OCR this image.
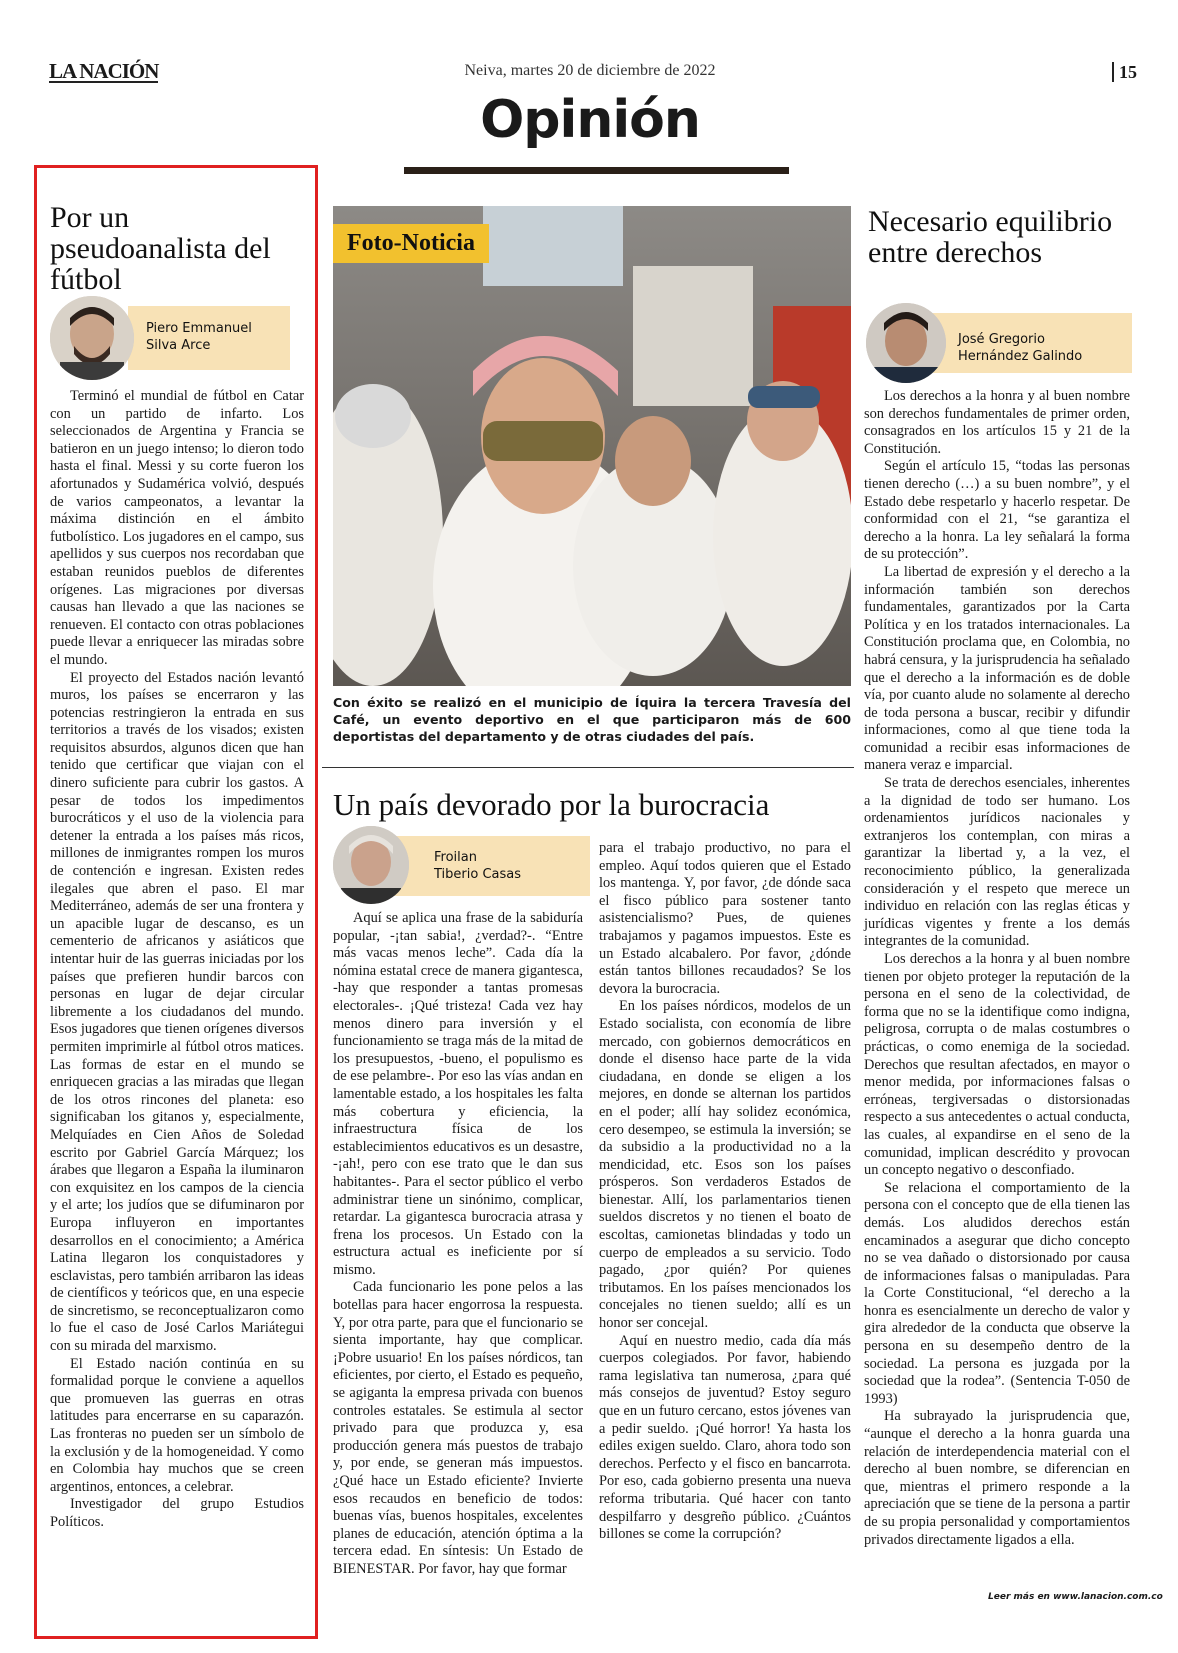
LA NACIÓN	Neiva, martes 20 de diciembre de 2022	15
Opinión
Por un pseudoanalista del fútbol
Piero Emmanuel
Silva Arce

Terminó el mundial de fútbol en Catar con un partido de infarto. Los seleccionados de Argentina y Francia se batieron en un juego intenso; lo dieron todo hasta el final. Messi y su corte fueron los afortunados y Sudamérica volvió, después de varios campeonatos, a levantar la máxima distinción en el ámbito futbolístico. Los jugadores en el campo, sus apellidos y sus cuerpos nos recordaban que estaban reunidos pueblos de diferentes orígenes. Las migraciones por diversas causas han llevado a que las naciones se renueven. El contacto con otras poblaciones puede llevar a enriquecer las miradas sobre el mundo.

El proyecto del Estados nación levantó muros, los países se encerraron y las potencias restringieron la entrada en sus territorios a través de los visados; existen requisitos absurdos, algunos dicen que han tenido que certificar que viajan con el dinero suficiente para cubrir los gastos. A pesar de todos los impedimentos burocráticos y el uso de la violencia para detener la entrada a los países más ricos, millones de inmigrantes rompen los muros de contención e ingresan. Existen redes ilegales que abren el paso. El mar Mediterráneo, además de ser una frontera y un apacible lugar de descanso, es un cementerio de africanos y asiáticos que intentar huir de las guerras iniciadas por los países que prefieren hundir barcos con personas en lugar de dejar circular libremente a los ciudadanos del mundo. Esos jugadores que tienen orígenes diversos permiten imprimirle al fútbol otros matices. Las formas de estar en el mundo se enriquecen gracias a las miradas que llegan de los otros rincones del planeta: eso significaban los gitanos y, especialmente, Melquíades en Cien Años de Soledad escrito por Gabriel García Márquez; los árabes que llegaron a España la iluminaron con exquisitez en los campos de la ciencia y el arte; los judíos que se difuminaron por Europa influyeron en importantes desarrollos en el conocimiento; a América Latina llegaron los conquistadores y esclavistas, pero también arribaron las ideas de científicos y teóricos que, en una especie de sincretismo, se reconceptualizaron como lo fue el caso de José Carlos Mariátegui con su mirada del marxismo.

El Estado nación continúa en su formalidad porque le conviene a aquellos que promueven las guerras en otras latitudes para encerrarse en su caparazón. Las fronteras no pueden ser un símbolo de la exclusión y de la homogeneidad. Y como en Colombia hay muchos que se creen argentinos, entonces, a celebrar.

Investigador del grupo Estudios Políticos.

Foto-Noticia
Con éxito se realizó en el municipio de Íquira la tercera Travesía del Café, un evento deportivo en el que participaron más de 600 deportistas del departamento y de otras ciudades del país.
Un país devorado por la burocracia
Froilan
Tiberio Casas

Aquí se aplica una frase de la sabiduría popular, -¡tan sabia!, ¿verdad?-. “Entre más vacas menos leche”. Cada día la nómina estatal crece de manera gigantesca, -hay que responder a tantas promesas electorales-. ¡Qué tristeza! Cada vez hay menos dinero para inversión y el funcionamiento se traga más de la mitad de los presupuestos, -bueno, el populismo es de ese pelambre-. Por eso las vías andan en lamentable estado, a los hospitales les falta más cobertura y eficiencia, la infraestructura física de los establecimientos educativos es un desastre, -¡ah!, pero con ese trato que le dan sus habitantes-. Para el sector público el verbo administrar tiene un sinónimo, complicar, retardar. La gigantesca burocracia atrasa y frena los procesos. Un Estado con la estructura actual es ineficiente por sí mismo.

Cada funcionario les pone pelos a las botellas para hacer engorrosa la respuesta. Y, por otra parte, para que el funcionario se sienta importante, hay que complicar. ¡Pobre usuario! En los países nórdicos, tan eficientes, por cierto, el Estado es pequeño, se agiganta la empresa privada con buenos controles estatales. Se estimula al sector privado para que produzca y, esa producción genera más puestos de trabajo y, por ende, se generan más impuestos. ¿Qué hace un Estado eficiente? Invierte esos recaudos en beneficio de todos: buenas vías, buenos hospitales, excelentes planes de educación, atención óptima a la tercera edad. En síntesis: Un Estado de BIENESTAR. Por favor, hay que formar

para el trabajo productivo, no para el empleo. Aquí todos quieren que el Estado los mantenga. Y, por favor, ¿de dónde saca el fisco público para sostener tanto asistencialismo? Pues, de quienes trabajamos y pagamos impuestos. Este es un Estado alcabalero. Por favor, ¿dónde están tantos billones recaudados? Se los devora la burocracia.

En los países nórdicos, modelos de un Estado socialista, con economía de libre mercado, con gobiernos democráticos en donde el disenso hace parte de la vida ciudadana, en donde se eligen a los mejores, en donde se alternan los partidos en el poder; allí hay solidez económica, cero desempeo, se estimula la inversión; se da subsidio a la productividad no a la mendicidad, etc. Esos son los países prósperos. Son verdaderos Estados de bienestar. Allí, los parlamentarios tienen sueldos discretos y no tienen el boato de escoltas, camionetas blindadas y todo un cuerpo de empleados a su servicio. Todo pagado, ¿por quién? Por quienes tributamos. En los países mencionados los concejales no tienen sueldo; allí es un honor ser concejal.

Aquí en nuestro medio, cada día más cuerpos colegiados. Por favor, habiendo rama legislativa tan numerosa, ¿para qué más consejos de juventud? Estoy seguro que en un futuro cercano, estos jóvenes van a pedir sueldo. ¡Qué horror! Ya hasta los ediles exigen sueldo. Claro, ahora todo son derechos. Perfecto y el fisco en bancarrota. Por eso, cada gobierno presenta una nueva reforma tributaria. Qué hacer con tanto despilfarro y desgreño público. ¿Cuántos billones se come la corrupción?

Necesario equilibrio entre derechos
José Gregorio
Hernández Galindo

Los derechos a la honra y al buen nombre son derechos fundamentales de primer orden, consagrados en los artículos 15 y 21 de la Constitución.

Según el artículo 15, “todas las personas tienen derecho (…) a su buen nombre”, y el Estado debe respetarlo y hacerlo respetar. De conformidad con el 21, “se garantiza el derecho a la honra. La ley señalará la forma de su protección”.

La libertad de expresión y el derecho a la información también son derechos fundamentales, garantizados por la Carta Política y en los tratados internacionales. La Constitución proclama que, en Colombia, no habrá censura, y la jurisprudencia ha señalado que el derecho a la información es de doble vía, por cuanto alude no solamente al derecho de toda persona a buscar, recibir y difundir informaciones, como al que tiene toda la comunidad a recibir esas informaciones de manera veraz e imparcial.

Se trata de derechos esenciales, inherentes a la dignidad de todo ser humano. Los ordenamientos jurídicos nacionales y extranjeros los contemplan, con miras a garantizar la libertad y, a la vez, el reconocimiento público, la generalizada consideración y el respeto que merece un individuo en relación con las reglas éticas y jurídicas vigentes y frente a los demás integrantes de la comunidad.

Los derechos a la honra y al buen nombre tienen por objeto proteger la reputación de la persona en el seno de la colectividad, de forma que no se la identifique como indigna, peligrosa, corrupta o de malas costumbres o prácticas, o como enemiga de la sociedad. Derechos que resultan afectados, en mayor o menor medida, por informaciones falsas o erróneas, tergiversadas o distorsionadas respecto a sus antecedentes o actual conducta, las cuales, al expandirse en el seno de la comunidad, implican descrédito y provocan un concepto negativo o desconfiado.

Se relaciona el comportamiento de la persona con el concepto que de ella tienen las demás. Los aludidos derechos están encaminados a asegurar que dicho concepto no se vea dañado o distorsionado por causa de informaciones falsas o manipuladas. Para la Corte Constitucional, “el derecho a la honra es esencialmente un derecho de valor y gira alrededor de la conducta que observe la persona en su desempeño dentro de la sociedad. La persona es juzgada por la sociedad que la rodea”. (Sentencia T-050 de 1993)

Ha subrayado la jurisprudencia que, “aunque el derecho a la honra guarda una relación de interdependencia material con el derecho al buen nombre, se diferencian en que, mientras el primero responde a la apreciación que se tiene de la persona a partir de su propia personalidad y comportamientos privados directamente ligados a ella.

Leer más en www.lanacion.com.co
